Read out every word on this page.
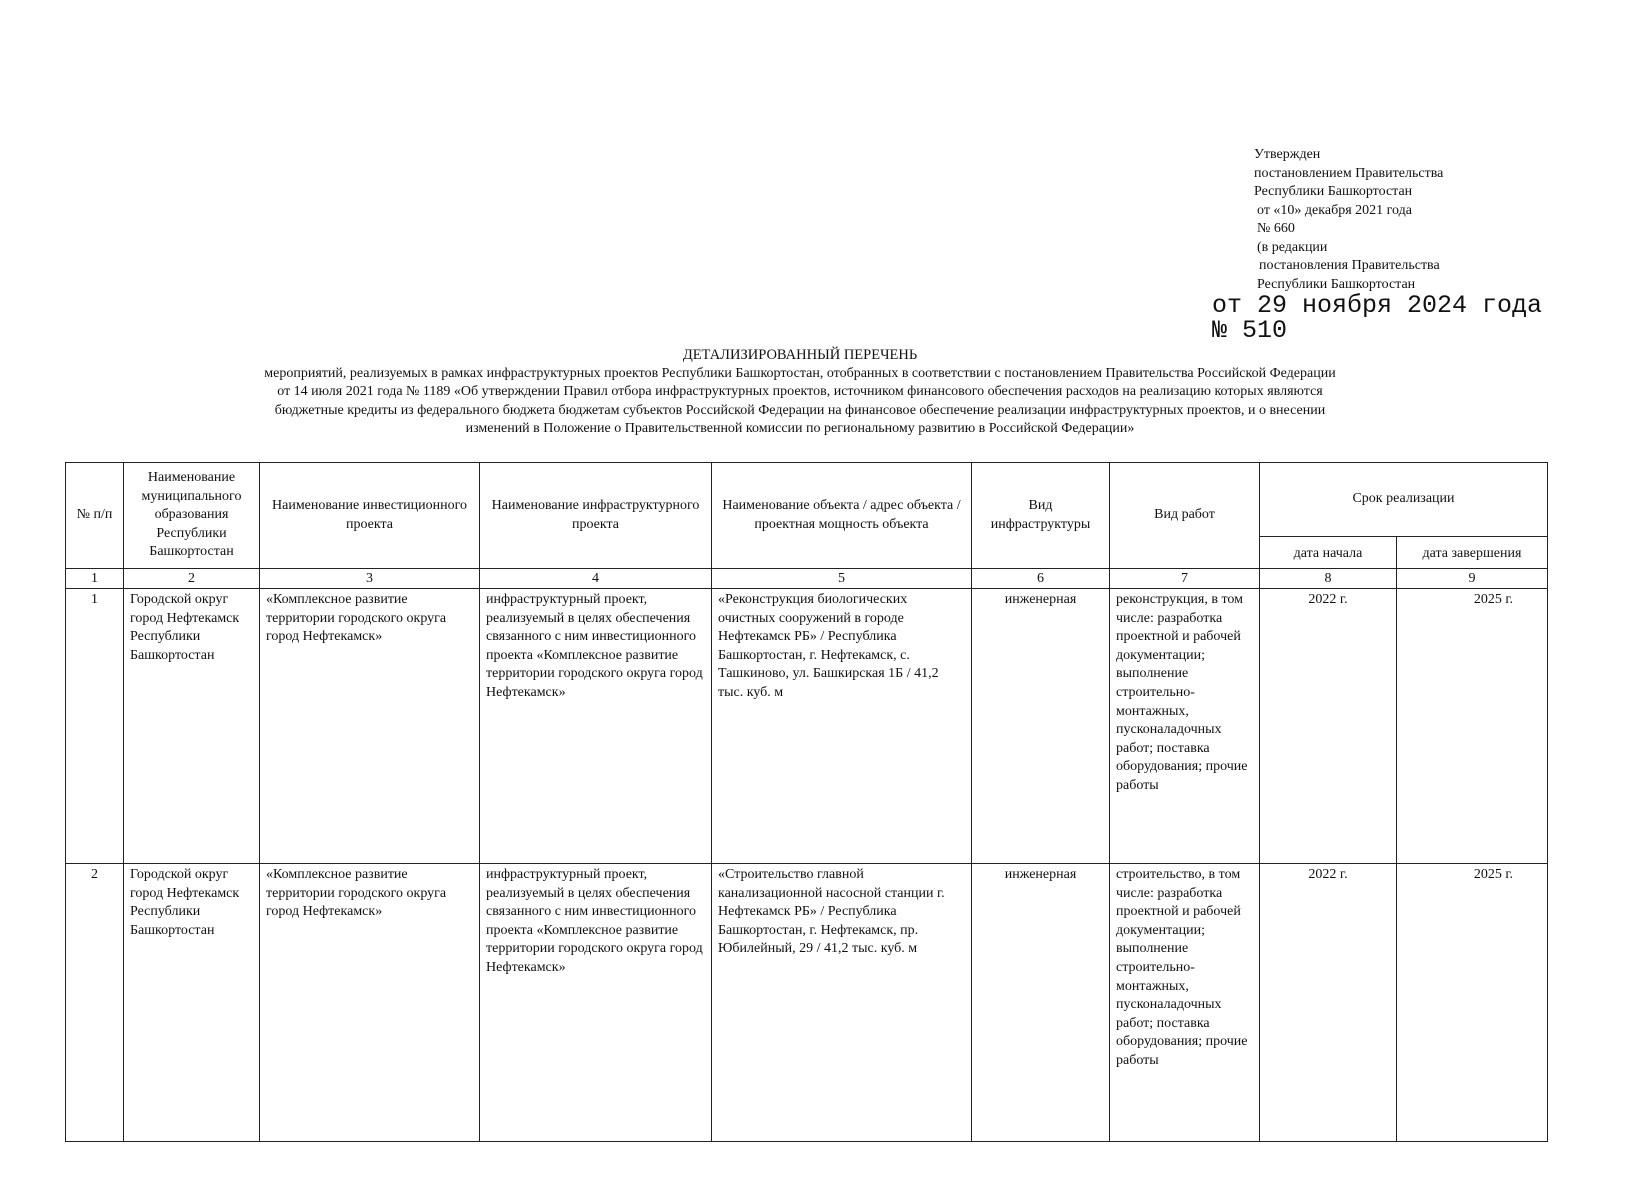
Утвержден
постановлением Правительства
Республики Башкортостан
от «10» декабря 2021 года
№ 660
(в редакции
постановления Правительства
Республики Башкортостан
от 29 ноября 2024 года
№ 510
ДЕТАЛИЗИРОВАННЫЙ ПЕРЕЧЕНЬ
мероприятий, реализуемых в рамках инфраструктурных проектов Республики Башкортостан, отобранных в соответствии с постановлением Правительства Российской Федерации
от 14 июля 2021 года № 1189 «Об утверждении Правил отбора инфраструктурных проектов, источником финансового обеспечения расходов на реализацию которых являются
бюджетные кредиты из федерального бюджета бюджетам субъектов Российской Федерации на финансовое обеспечение реализации инфраструктурных проектов, и о внесении
изменений в Положение о Правительственной комиссии по региональному развитию в Российской Федерации»
№ п/п	Наименование муниципального образования Республики Башкортостан	Наименование инвестиционного проекта	Наименование инфраструктурного проекта	Наименование объекта / адрес объекта / проектная мощность объекта	Вид инфраструктуры	Вид работ	Срок реализации	
							дата начала	дата завершения
1	2	3	4	5	6	7	8	9
1	Городской округ город Нефтекамск Республики Башкортостан	«Комплексное развитие территории городского округа город Нефтекамск»	инфраструктурный проект, реализуемый в целях обеспечения связанного с ним инвестиционного проекта «Комплексное развитие территории городского округа город Нефтекамск»	«Реконструкция биологических очистных сооружений в городе Нефтекамск РБ» / Республика Башкортостан, г. Нефтекамск, с. Ташкиново, ул. Башкирская 1Б / 41,2 тыс. куб. м	инженерная	реконструкция, в том числе: разработка проектной и рабочей документации; выполнение строительно-монтажных, пусконаладочных работ; поставка оборудования; прочие работы	2022 г.	2025 г.
2	Городской округ город Нефтекамск Республики Башкортостан	«Комплексное развитие территории городского округа город Нефтекамск»	инфраструктурный проект, реализуемый в целях обеспечения связанного с ним инвестиционного проекта «Комплексное развитие территории городского округа город Нефтекамск»	«Строительство главной канализационной насосной станции г. Нефтекамск РБ» / Республика Башкортостан, г. Нефтекамск, пр. Юбилейный, 29 / 41,2 тыс. куб. м	инженерная	строительство, в том числе: разработка проектной и рабочей документации; выполнение строительно-монтажных, пусконаладочных работ; поставка оборудования; прочие работы	2022 г.	2025 г.
